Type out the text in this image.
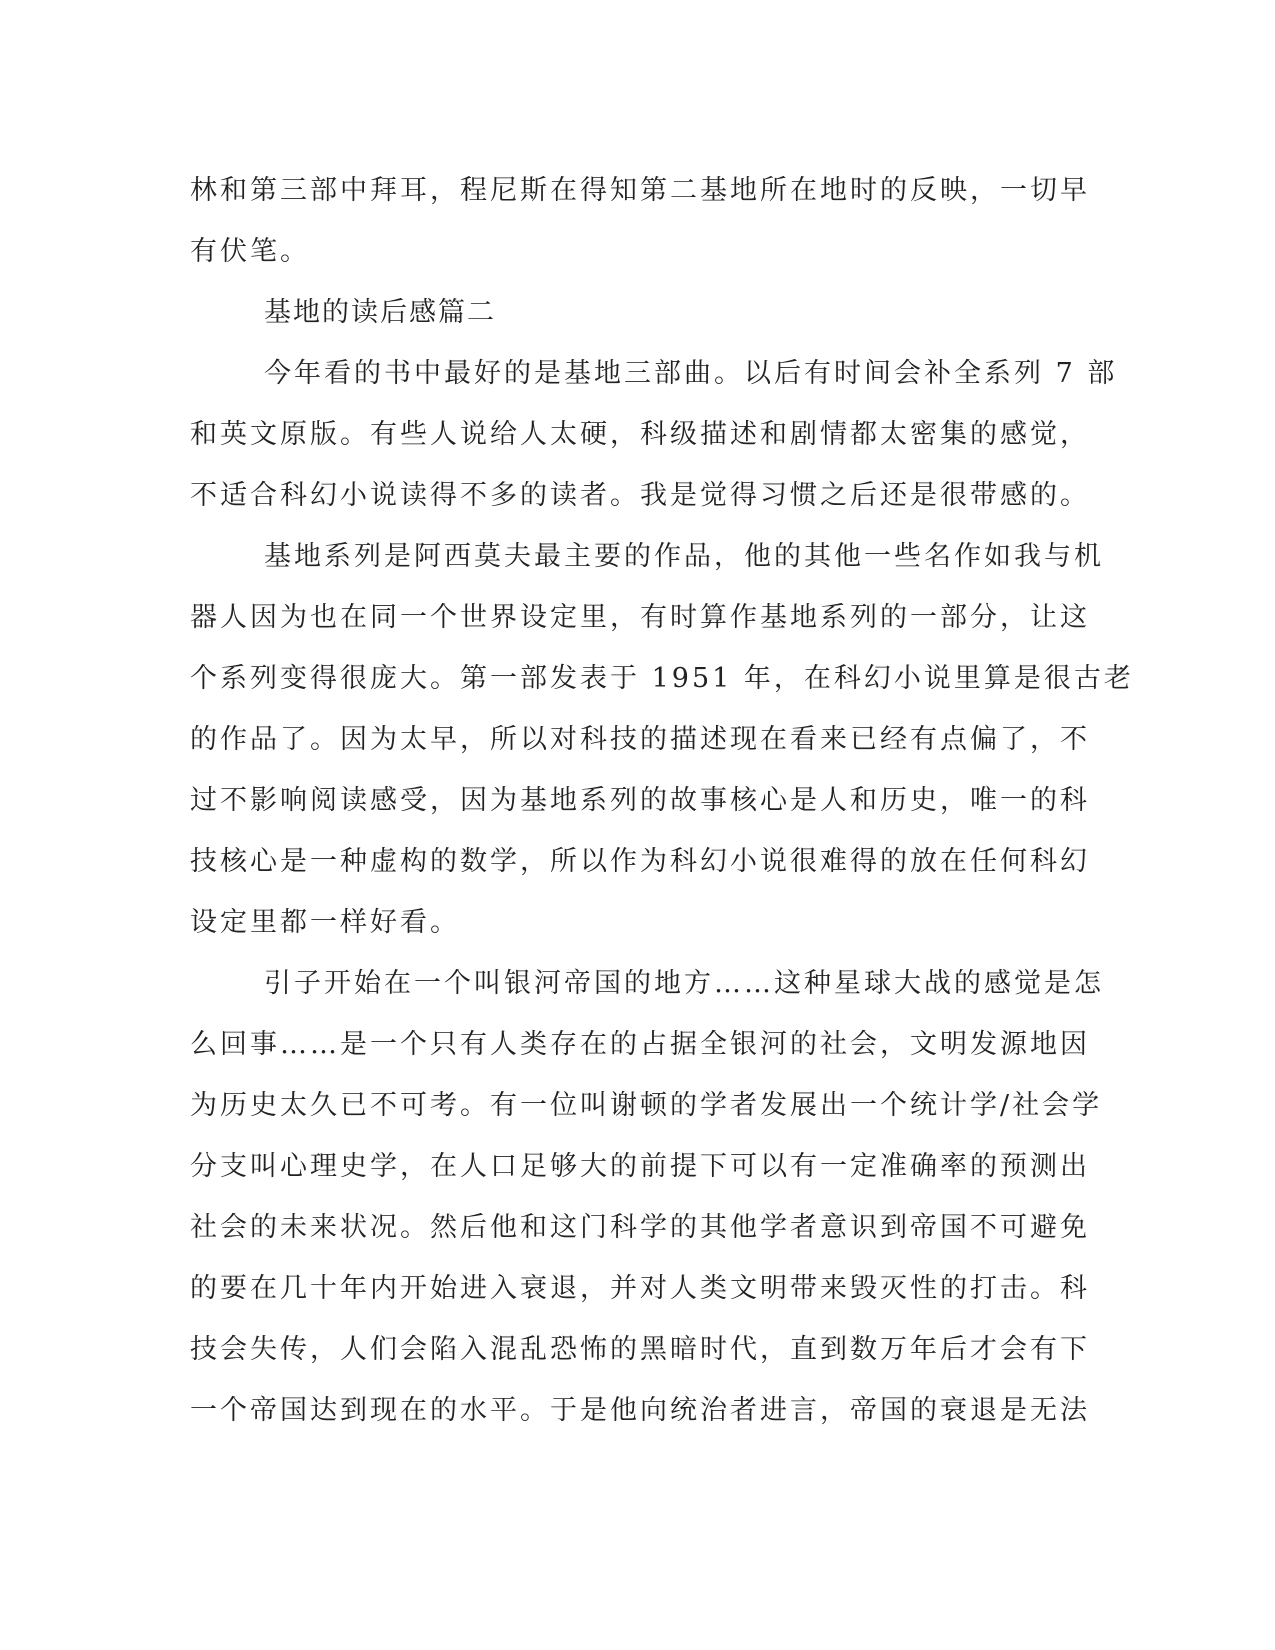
林和第三部中拜耳，程尼斯在得知第二基地所在地时的反映，一切早
有伏笔。
基地的读后感篇二
今年看的书中最好的是基地三部曲。以后有时间会补全系列 7 部
和英文原版。有些人说给人太硬，科级描述和剧情都太密集的感觉，
不适合科幻小说读得不多的读者。我是觉得习惯之后还是很带感的。
基地系列是阿西莫夫最主要的作品，他的其他一些名作如我与机
器人因为也在同一个世界设定里，有时算作基地系列的一部分，让这
个系列变得很庞大。第一部发表于 1951 年，在科幻小说里算是很古老
的作品了。因为太早，所以对科技的描述现在看来已经有点偏了，不
过不影响阅读感受，因为基地系列的故事核心是人和历史，唯一的科
技核心是一种虚构的数学，所以作为科幻小说很难得的放在任何科幻
设定里都一样好看。
引子开始在一个叫银河帝国的地方……这种星球大战的感觉是怎
么回事……是一个只有人类存在的占据全银河的社会，文明发源地因
为历史太久已不可考。有一位叫谢顿的学者发展出一个统计学/社会学
分支叫心理史学，在人口足够大的前提下可以有一定准确率的预测出
社会的未来状况。然后他和这门科学的其他学者意识到帝国不可避免
的要在几十年内开始进入衰退，并对人类文明带来毁灭性的打击。科
技会失传，人们会陷入混乱恐怖的黑暗时代，直到数万年后才会有下
一个帝国达到现在的水平。于是他向统治者进言，帝国的衰退是无法
